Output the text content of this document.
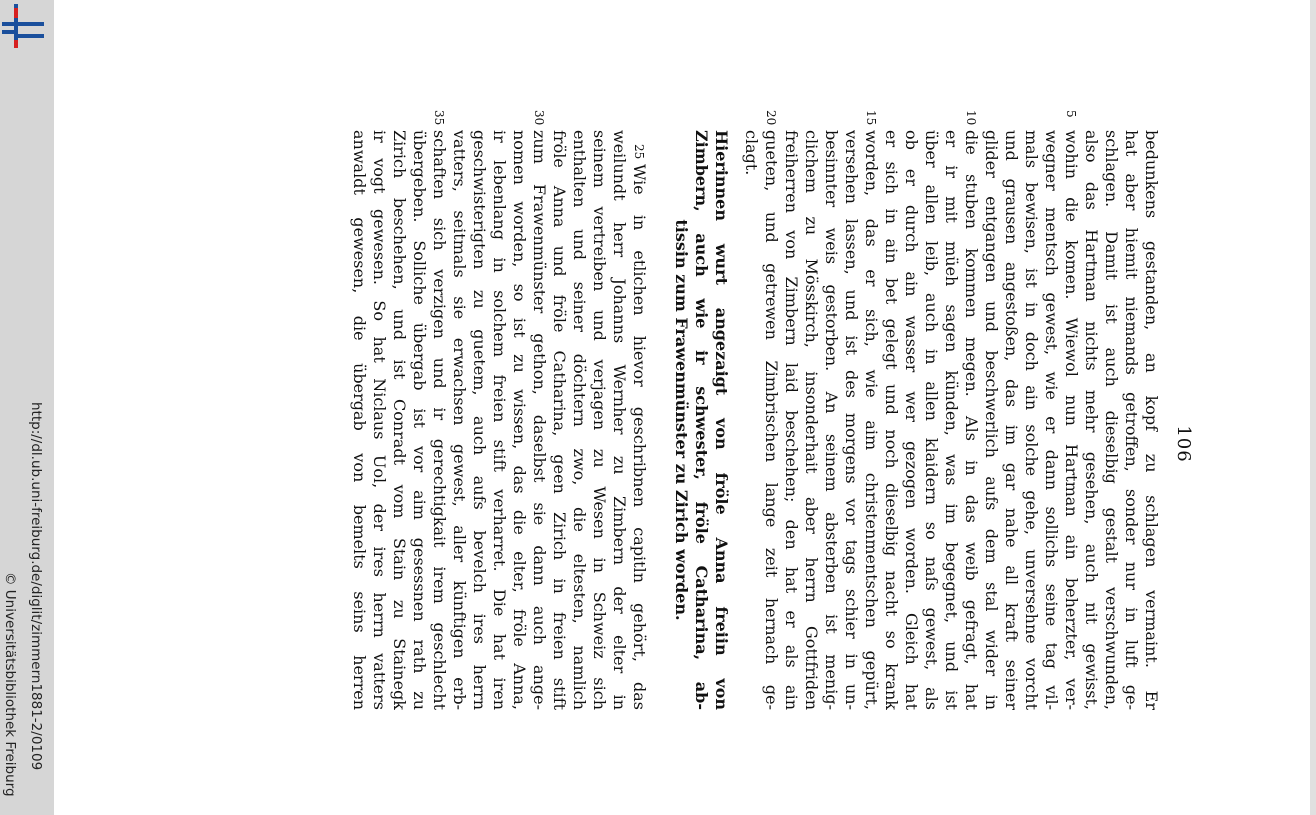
http://dl.ub.uni-freiburg.de/diglit/zimmern1881-2/0109
© Universitätsbibliothek Freiburg
106
bedunkens gestanden, an kopf zu schlagen vermaint. Er
hat aber hiemit niemands getroffen, sonder nur in luft ge-
schlagen. Damit ist auch dieselbig gestalt verschwunden,
also das Hartman nichts mehr gesehen, auch nit gewisst,
5
wohin die komen. Wiewol nun Hartman ain beherzter, ver-
wegner mentsch gewest, wie er dann sollichs seine tag vil-
mals bewisen, ist in doch ain solche gehe, unversehne vorcht
und grausen angestoßen, das im gar nahe all kraft seiner
glider entgangen und beschwerlich aufs dem stal wider in
10
die stuben kommen megen. Als in das weib gefragt, hat
er ir mit müeh sagen künden, was im begegnet, und ist
über allen leib, auch in allen klaidern so naſs gewest, als
ob er durch ain wasser wer gezogen worden. Gleich hat
er sich in ain bet gelegt und noch dieselbig nacht so krank
15
worden, das er sich, wie aim christenmentschen gepürt,
versehen lassen, und ist des morgens vor tags schier in un-
besinnter weis gestorben. An seinem absterben ist menig-
clichem zu Mösskirch, insonderhait aber herrn Gottfriden
freiherren von Zimbern laid beschehen; den hat er als ain
20
gueten, und getrewen Zimbrischen lange zeit hernach ge-
clagt.
Hierinnen wurt angezaigt von fröle Anna freiin von
Zimbern, auch wie ir schwester, fröle Catharina, ab-
tissin zum Frawenmünster zu Zirich worden.
25
Wie in etlichen hievor geschribnen capitln gehört, das
weilundt herr Johanns Wernher zu Zimbern der elter in
seinem vertreiben und verjagen zu Wesen in Schweiz sich
enthalten und seiner döchtern zwo, die eltesten, namlich
fröle Anna und fröle Catharina, geen Zirich in freien stift
30
zum Frawenmünster gethon, daselbst sie dann auch ange-
nomen worden, so ist zu wissen, das die elter, fröle Anna,
ir lebenlang in solchem freien stift verharret. Die hat iren
geschwisterigten zu guetem, auch aufs bevelch ires herrn
vatters, seitmals sie erwachsen gewest, aller künftigen erb-
35
schaften sich verzigen und ir gerechtigkait irem geschlecht
übergeben. Solliche übergab ist vor aim gesessnen rath zu
Zirich beschehen, und ist Conradt vom Stain zu Stainegk
ir vogt gewesen. So hat Niclaus Uol, der ires herrn vatters
anwaldt gewesen, die übergab von bemelts seins herren
